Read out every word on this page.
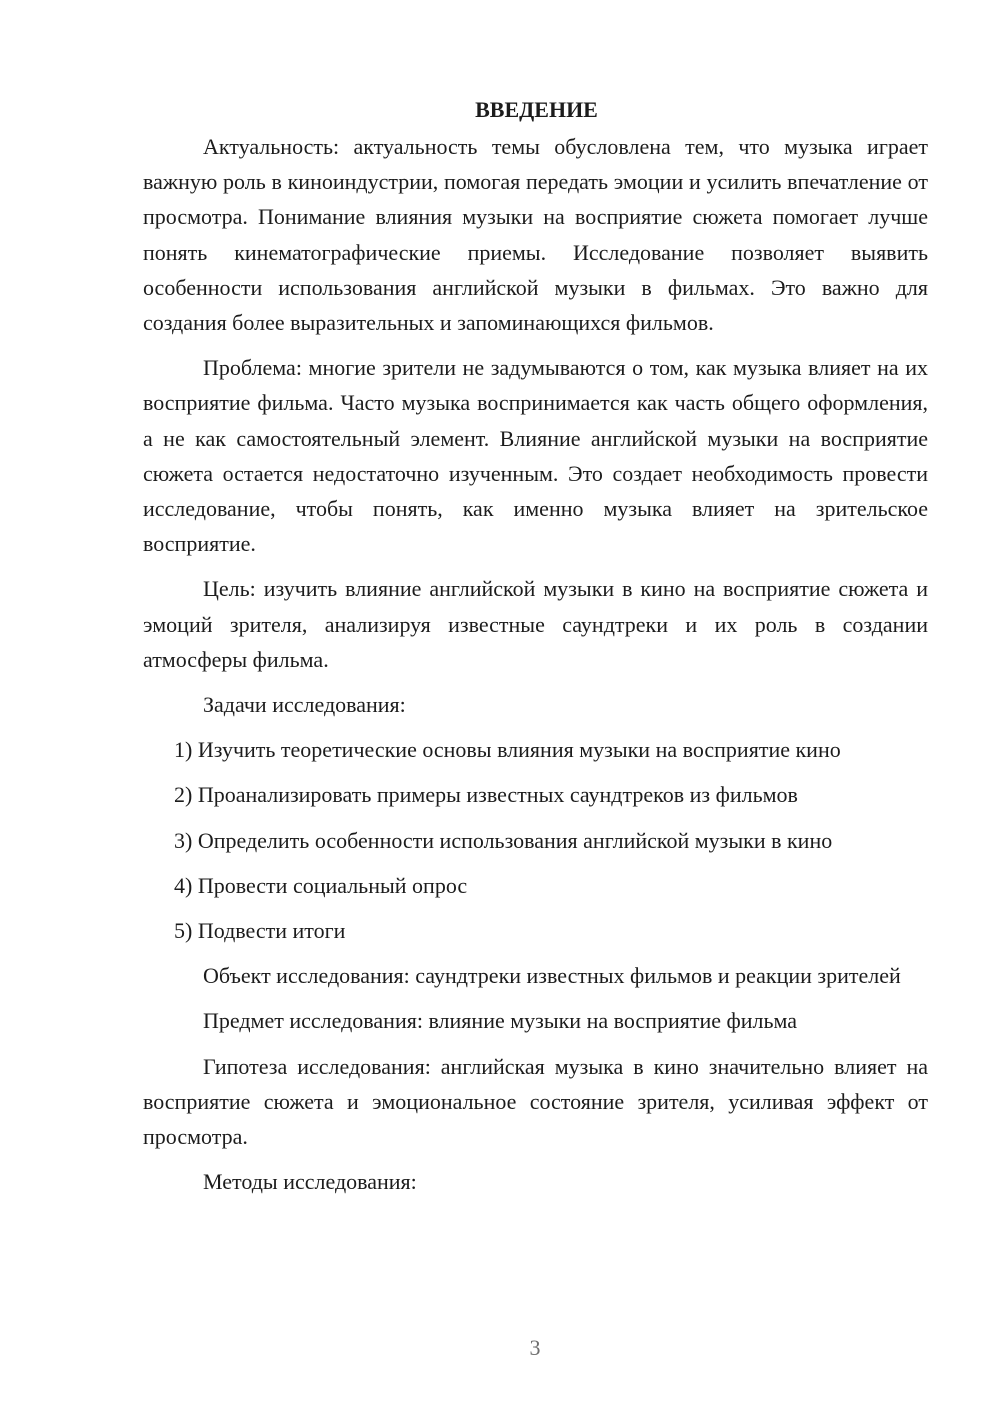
ВВЕДЕНИЕ

Актуальность: актуальность темы обусловлена тем, что музыка играет важную роль в киноиндустрии, помогая передать эмоции и усилить впечатление от просмотра. Понимание влияния музыки на восприятие сюжета помогает лучше понять кинематографические приемы. Исследование позволяет выявить особенности использования английской музыки в фильмах. Это важно для создания более выразительных и запоминающихся фильмов.

Проблема: многие зрители не задумываются о том, как музыка влияет на их восприятие фильма. Часто музыка воспринимается как часть общего оформления, а не как самостоятельный элемент. Влияние английской музыки на восприятие сюжета остается недостаточно изученным. Это создает необходимость провести исследование, чтобы понять, как именно музыка влияет на зрительское восприятие.

Цель: изучить влияние английской музыки в кино на восприятие сюжета и эмоций зрителя, анализируя известные саундтреки и их роль в создании атмосферы фильма.

Задачи исследования:

1) Изучить теоретические основы влияния музыки на восприятие кино
2) Проанализировать примеры известных саундтреков из фильмов
3) Определить особенности использования английской музыки в кино
4) Провести социальный опрос
5) Подвести итоги

Объект исследования: саундтреки известных фильмов и реакции зрителей

Предмет исследования: влияние музыки на восприятие фильма

Гипотеза исследования: английская музыка в кино значительно влияет на восприятие сюжета и эмоциональное состояние зрителя, усиливая эффект от просмотра.

Методы исследования:

3
